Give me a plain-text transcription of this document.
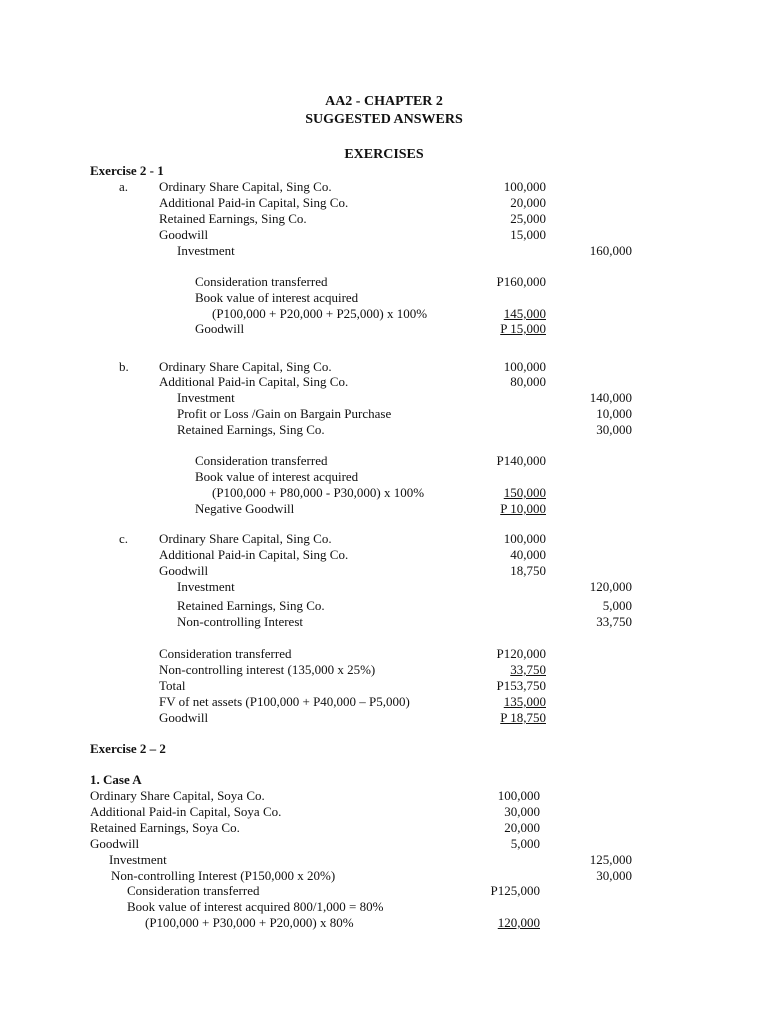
AA2 - CHAPTER 2
SUGGESTED ANSWERS
EXERCISES
Exercise 2 - 1
a. Ordinary Share Capital, Sing Co.	100,000
Additional Paid-in Capital, Sing Co.	20,000
Retained Earnings, Sing Co.	25,000
Goodwill	15,000
Investment	160,000
Consideration transferred	P160,000
Book value of interest acquired
(P100,000 + P20,000 + P25,000) x 100%	145,000
Goodwill	P 15,000
b. Ordinary Share Capital, Sing Co.	100,000
Additional Paid-in Capital, Sing Co.	80,000
Investment	140,000
Profit or Loss /Gain on Bargain Purchase	10,000
Retained Earnings, Sing Co.	30,000
Consideration transferred	P140,000
Book value of interest acquired
(P100,000 + P80,000 - P30,000) x 100%	150,000
Negative Goodwill	P 10,000
c. Ordinary Share Capital, Sing Co.	100,000
Additional Paid-in Capital, Sing Co.	40,000
Goodwill	18,750
Investment	120,000
Retained Earnings, Sing Co.	5,000
Non-controlling Interest	33,750
Consideration transferred	P120,000
Non-controlling interest (135,000 x 25%)	33,750
Total	P153,750
FV of net assets (P100,000 + P40,000 – P5,000)	135,000
Goodwill	P 18,750
Exercise 2 – 2
1. Case A
Ordinary Share Capital, Soya Co.	100,000
Additional Paid-in Capital, Soya Co.	30,000
Retained Earnings, Soya Co.	20,000
Goodwill	5,000
Investment	125,000
Non-controlling Interest (P150,000 x 20%)	30,000
Consideration transferred	P125,000
Book value of interest acquired 800/1,000 = 80%
(P100,000 + P30,000 + P20,000) x 80%	120,000
